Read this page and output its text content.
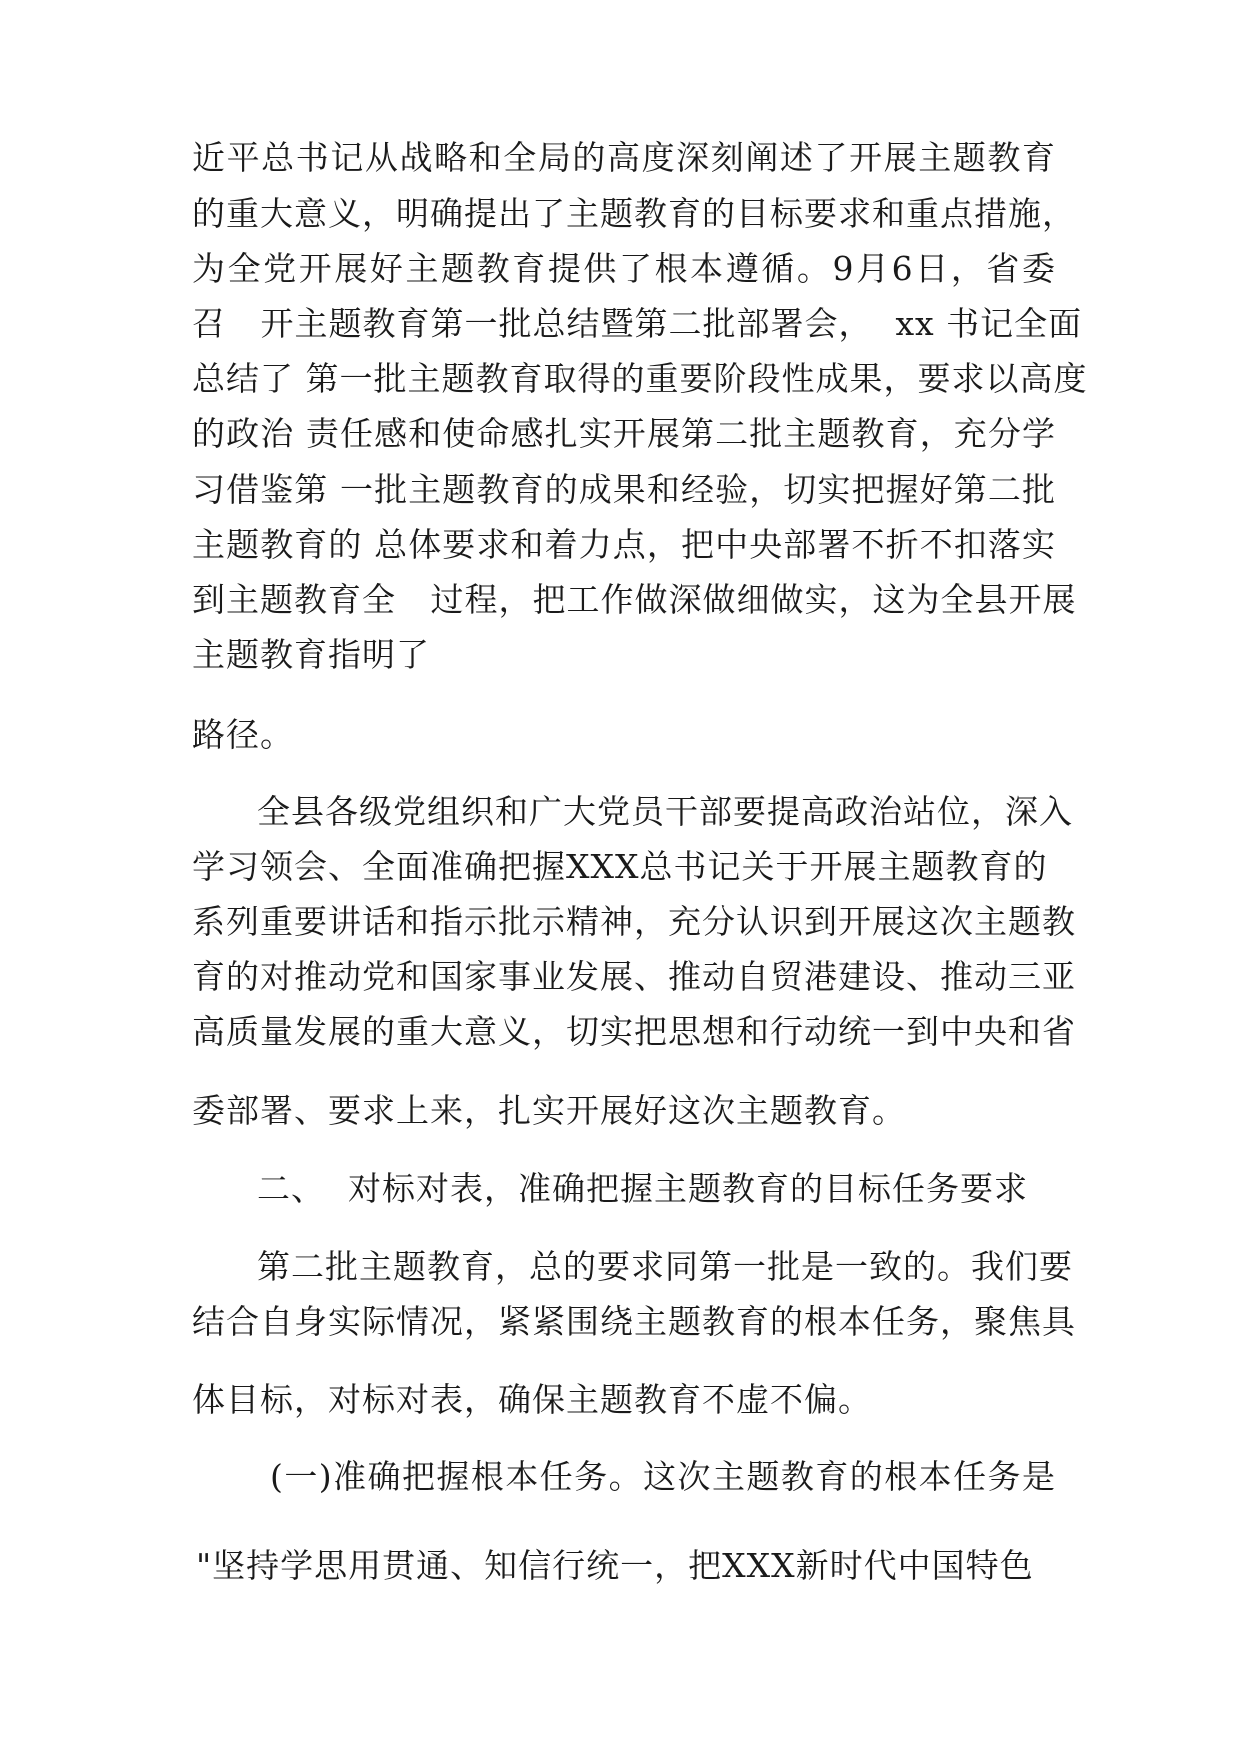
近平总书记从战略和全局的高度深刻阐述了开展主题教育
的重大意义，明确提出了主题教育的目标要求和重点措施，
为全党开展好主题教育提供了根本遵循。9月6日，省委
召   开主题教育第一批总结暨第二批部署会，  xx 书记全面
总结了 第一批主题教育取得的重要阶段性成果，要求以高度
的政治 责任感和使命感扎实开展第二批主题教育，充分学
习借鉴第 一批主题教育的成果和经验，切实把握好第二批
主题教育的 总体要求和着力点，把中央部署不折不扣落实
到主题教育全   过程，把工作做深做细做实，这为全县开展
主题教育指明了
路径。
全县各级党组织和广大党员干部要提高政治站位，深入
学习领会、全面准确把握XXX总书记关于开展主题教育的
系列重要讲话和指示批示精神，充分认识到开展这次主题教
育的对推动党和国家事业发展、推动自贸港建设、推动三亚
高质量发展的重大意义，切实把思想和行动统一到中央和省
委部署、要求上来，扎实开展好这次主题教育。
二、  对标对表，准确把握主题教育的目标任务要求
第二批主题教育，总的要求同第一批是一致的。我们要
结合自身实际情况，紧紧围绕主题教育的根本任务，聚焦具
体目标，对标对表，确保主题教育不虚不偏。
(一)准确把握根本任务。这次主题教育的根本任务是
"坚持学思用贯通、知信行统一，把XXX新时代中国特色
